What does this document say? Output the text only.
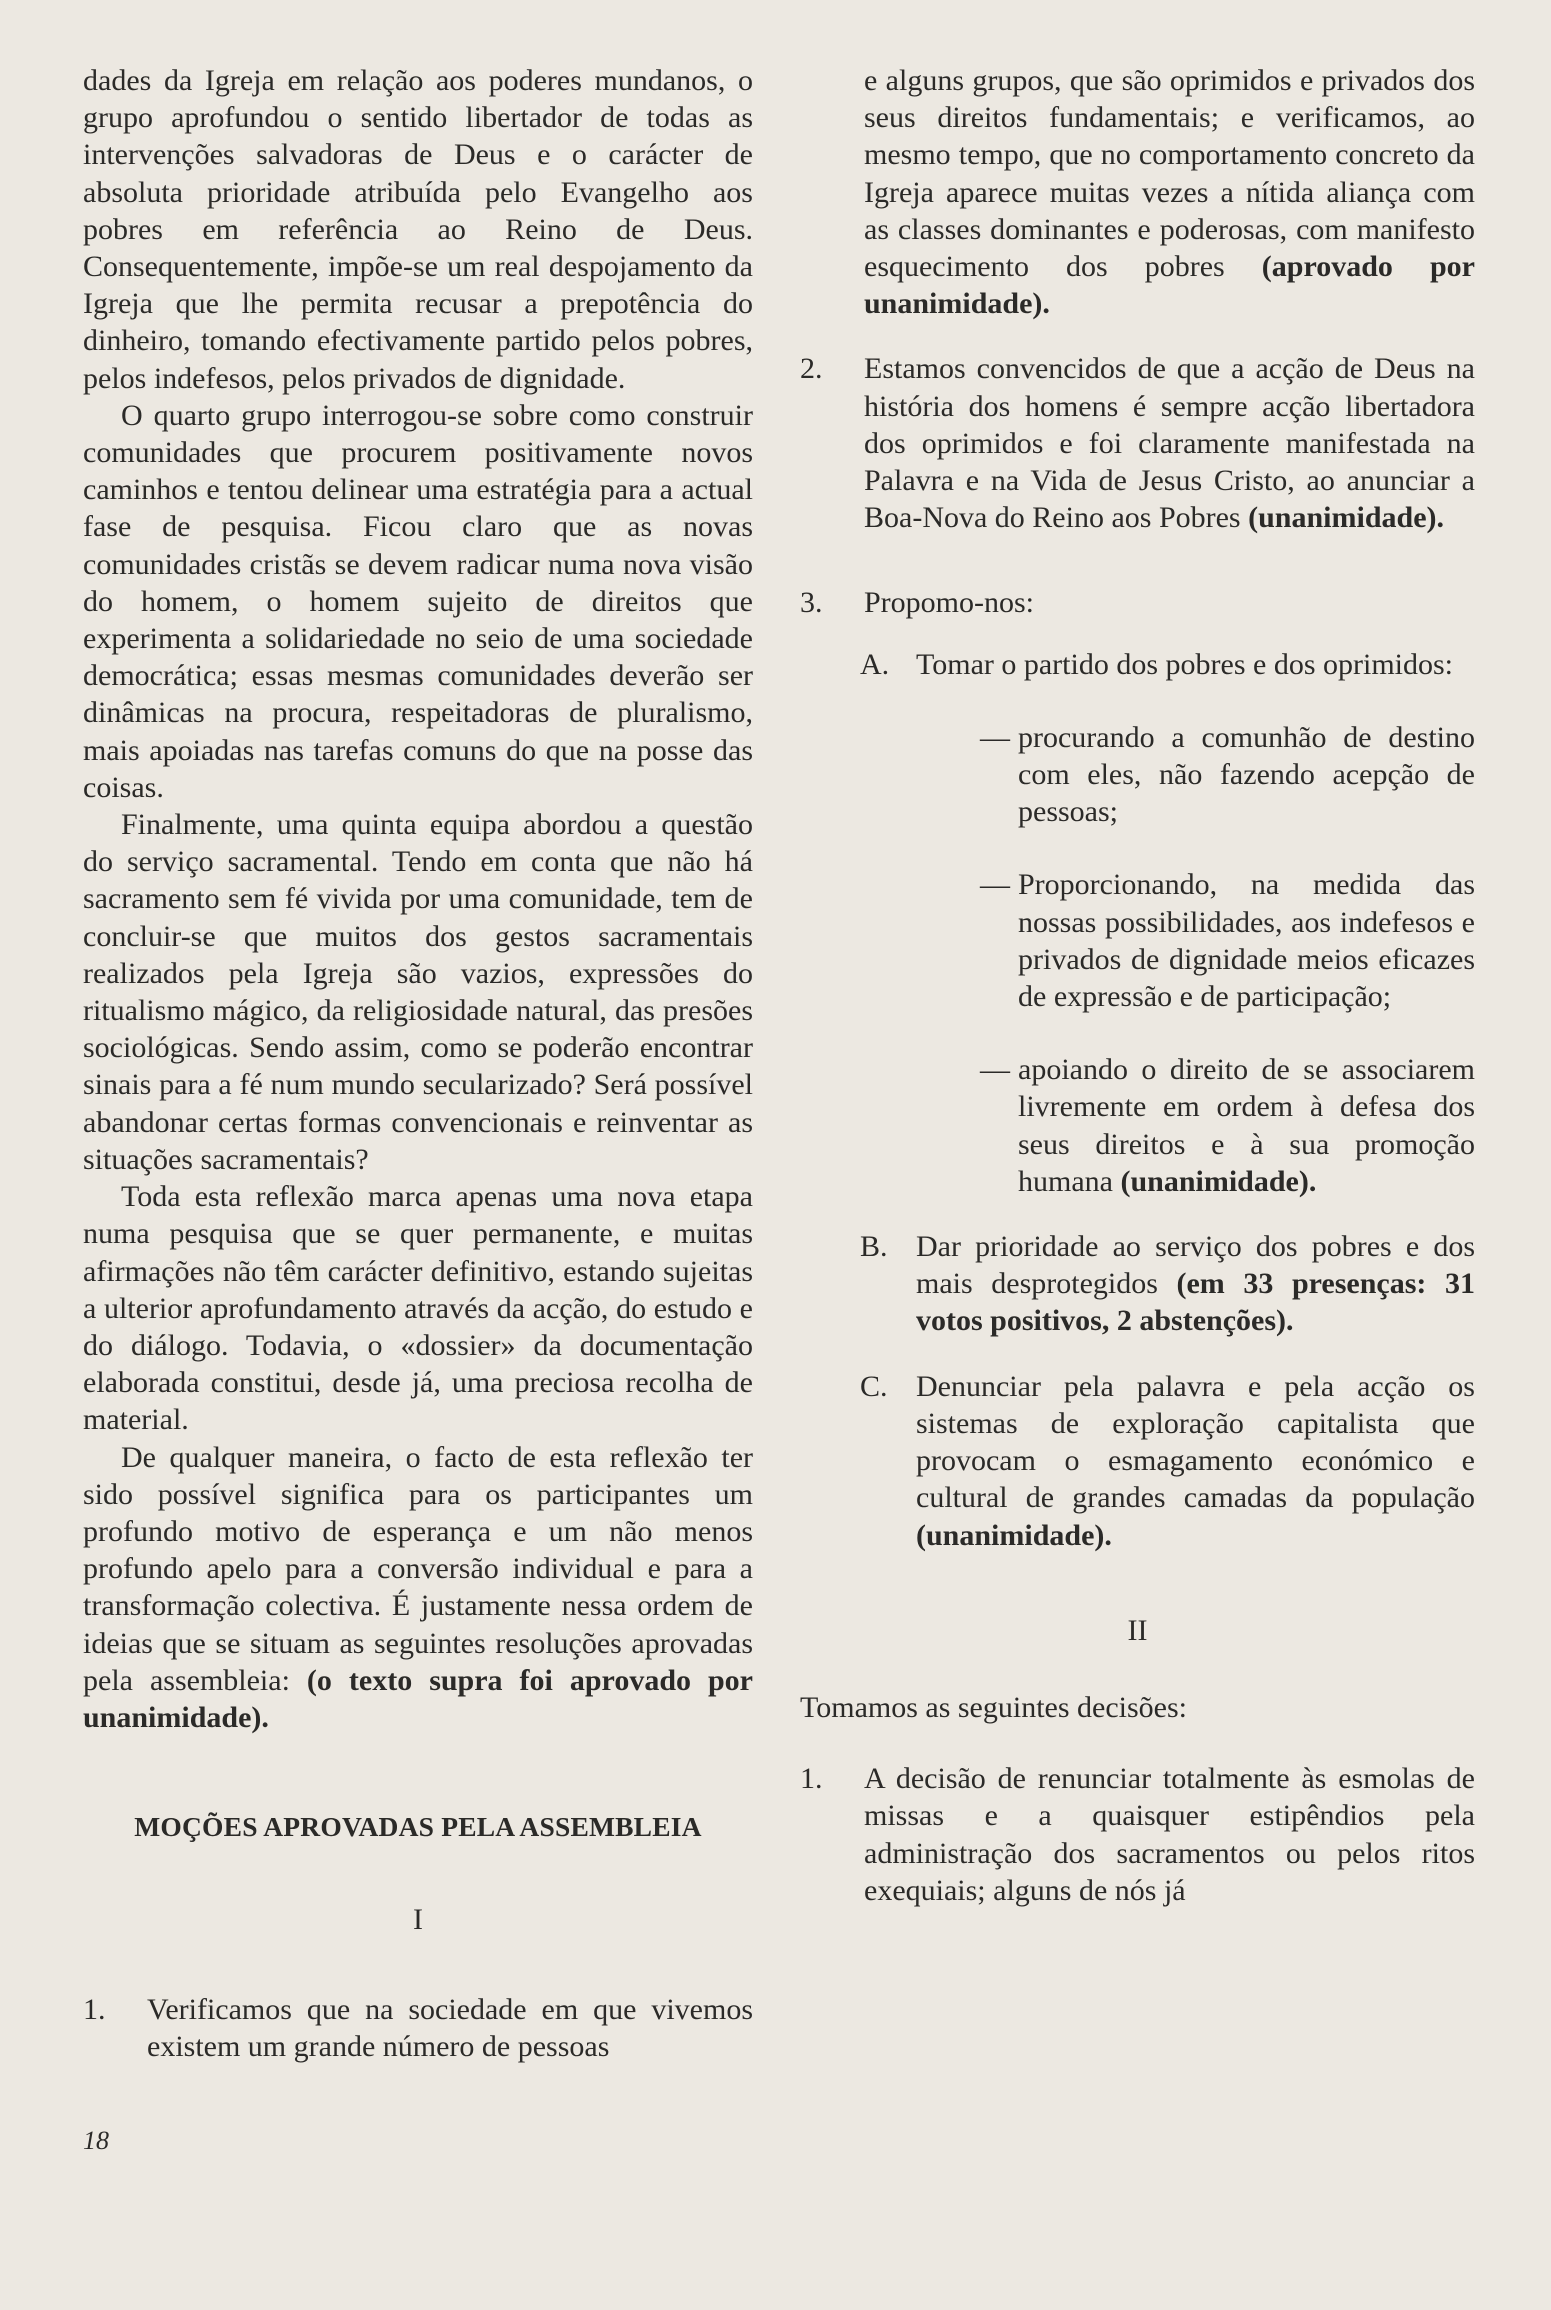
dades da Igreja em relação aos poderes mundanos, o grupo aprofundou o sentido libertador de todas as intervenções salvadoras de Deus e o carácter de absoluta prioridade atribuída pelo Evangelho aos pobres em referência ao Reino de Deus. Consequentemente, impõe-se um real despojamento da Igreja que lhe permita recusar a prepotência do dinheiro, tomando efectivamente partido pelos pobres, pelos indefesos, pelos privados de dignidade.

O quarto grupo interrogou-se sobre como construir comunidades que procurem positivamente novos caminhos e tentou delinear uma estratégia para a actual fase de pesquisa. Ficou claro que as novas comunidades cristãs se devem radicar numa nova visão do homem, o homem sujeito de direitos que experimenta a solidariedade no seio de uma sociedade democrática; essas mesmas comunidades deverão ser dinâmicas na procura, respeitadoras de pluralismo, mais apoiadas nas tarefas comuns do que na posse das coisas.

Finalmente, uma quinta equipa abordou a questão do serviço sacramental. Tendo em conta que não há sacramento sem fé vivida por uma comunidade, tem de concluir-se que muitos dos gestos sacramentais realizados pela Igreja são vazios, expressões do ritualismo mágico, da religiosidade natural, das presões sociológicas. Sendo assim, como se poderão encontrar sinais para a fé num mundo secularizado? Será possível abandonar certas formas convencionais e reinventar as situações sacramentais?

Toda esta reflexão marca apenas uma nova etapa numa pesquisa que se quer permanente, e muitas afirmações não têm carácter definitivo, estando sujeitas a ulterior aprofundamento através da acção, do estudo e do diálogo. Todavia, o «dossier» da documentação elaborada constitui, desde já, uma preciosa recolha de material.

De qualquer maneira, o facto de esta reflexão ter sido possível significa para os participantes um profundo motivo de esperança e um não menos profundo apelo para a conversão individual e para a transformação colectiva. É justamente nessa ordem de ideias que se situam as seguintes resoluções aprovadas pela assembleia: (o texto supra foi aprovado por unanimidade).

MOÇÕES APROVADAS PELA ASSEMBLEIA
I
1.	Verificamos que na sociedade em que vivemos existem um grande número de pessoas

e alguns grupos, que são oprimidos e privados dos seus direitos fundamentais; e verificamos, ao mesmo tempo, que no comportamento concreto da Igreja aparece muitas vezes a nítida aliança com as classes dominantes e poderosas, com manifesto esquecimento dos pobres (aprovado por unanimidade).

2.	Estamos convencidos de que a acção de Deus na história dos homens é sempre acção libertadora dos oprimidos e foi claramente manifestada na Palavra e na Vida de Jesus Cristo, ao anunciar a Boa-Nova do Reino aos Pobres (unanimidade).
3.	Propomo-nos:
A. Tomar o partido dos pobres e dos oprimidos:
— procurando a comunhão de destino com eles, não fazendo acepção de pessoas;
— Proporcionando, na medida das nossas possibilidades, aos indefesos e privados de dignidade meios eficazes de expressão e de participação;
— apoiando o direito de se associarem livremente em ordem à defesa dos seus direitos e à sua promoção humana (unanimidade).
B. Dar prioridade ao serviço dos pobres e dos mais desprotegidos (em 33 presenças: 31 votos positivos, 2 abstenções).
C. Denunciar pela palavra e pela acção os sistemas de exploração capitalista que provocam o esmagamento económico e cultural de grandes camadas da população (unanimidade).
II

Tomamos as seguintes decisões:

1.	A decisão de renunciar totalmente às esmolas de missas e a quaisquer estipêndios pela administração dos sacramentos ou pelos ritos exequiais; alguns de nós já
18
